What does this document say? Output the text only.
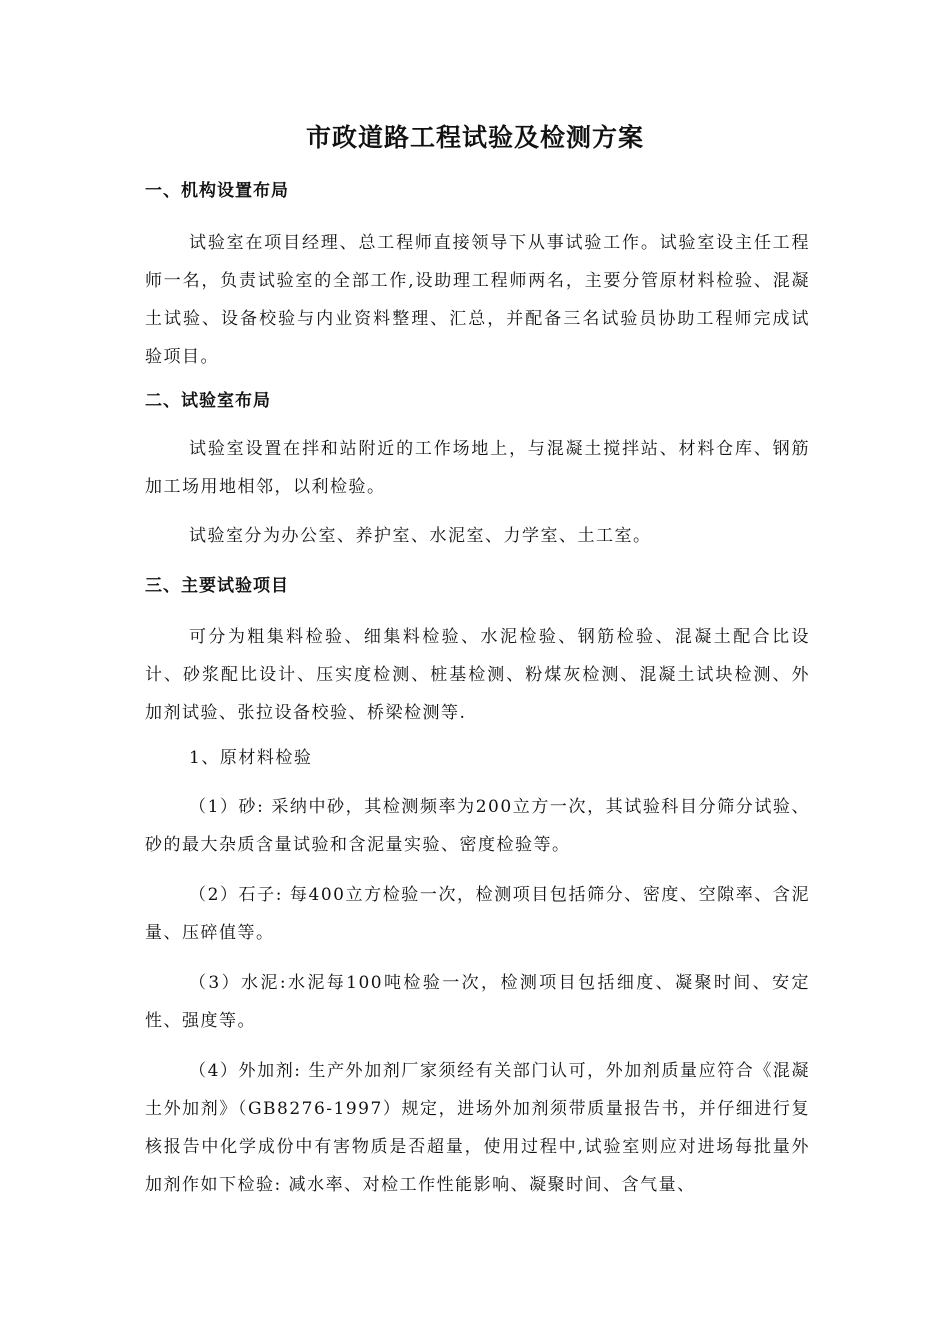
市政道路工程试验及检测方案
一、机构设置布局
试验室在项目经理、总工程师直接领导下从事试验工作。试验室设主任工程师一名，负责试验室的全部工作,设助理工程师两名，主要分管原材料检验、混凝土试验、设备校验与内业资料整理、汇总，并配备三名试验员协助工程师完成试验项目。
二、试验室布局
试验室设置在拌和站附近的工作场地上，与混凝土搅拌站、材料仓库、钢筋加工场用地相邻，以利检验。
试验室分为办公室、养护室、水泥室、力学室、土工室。
三、主要试验项目
可分为粗集料检验、细集料检验、水泥检验、钢筋检验、混凝土配合比设计、砂浆配比设计、压实度检测、桩基检测、粉煤灰检测、混凝土试块检测、外加剂试验、张拉设备校验、桥梁检测等.
1、原材料检验
（1）砂: 采纳中砂，其检测频率为200立方一次，其试验科目分筛分试验、砂的最大杂质含量试验和含泥量实验、密度检验等。
（2）石子: 每400立方检验一次，检测项目包括筛分、密度、空隙率、含泥量、压碎值等。
（3）水泥:水泥每100吨检验一次，检测项目包括细度、凝聚时间、安定性、强度等。
（4）外加剂: 生产外加剂厂家须经有关部门认可，外加剂质量应符合《混凝土外加剂》（GB8276-1997）规定，进场外加剂须带质量报告书，并仔细进行复核报告中化学成份中有害物质是否超量，使用过程中,试验室则应对进场每批量外加剂作如下检验: 减水率、对检工作性能影响、凝聚时间、含气量、
